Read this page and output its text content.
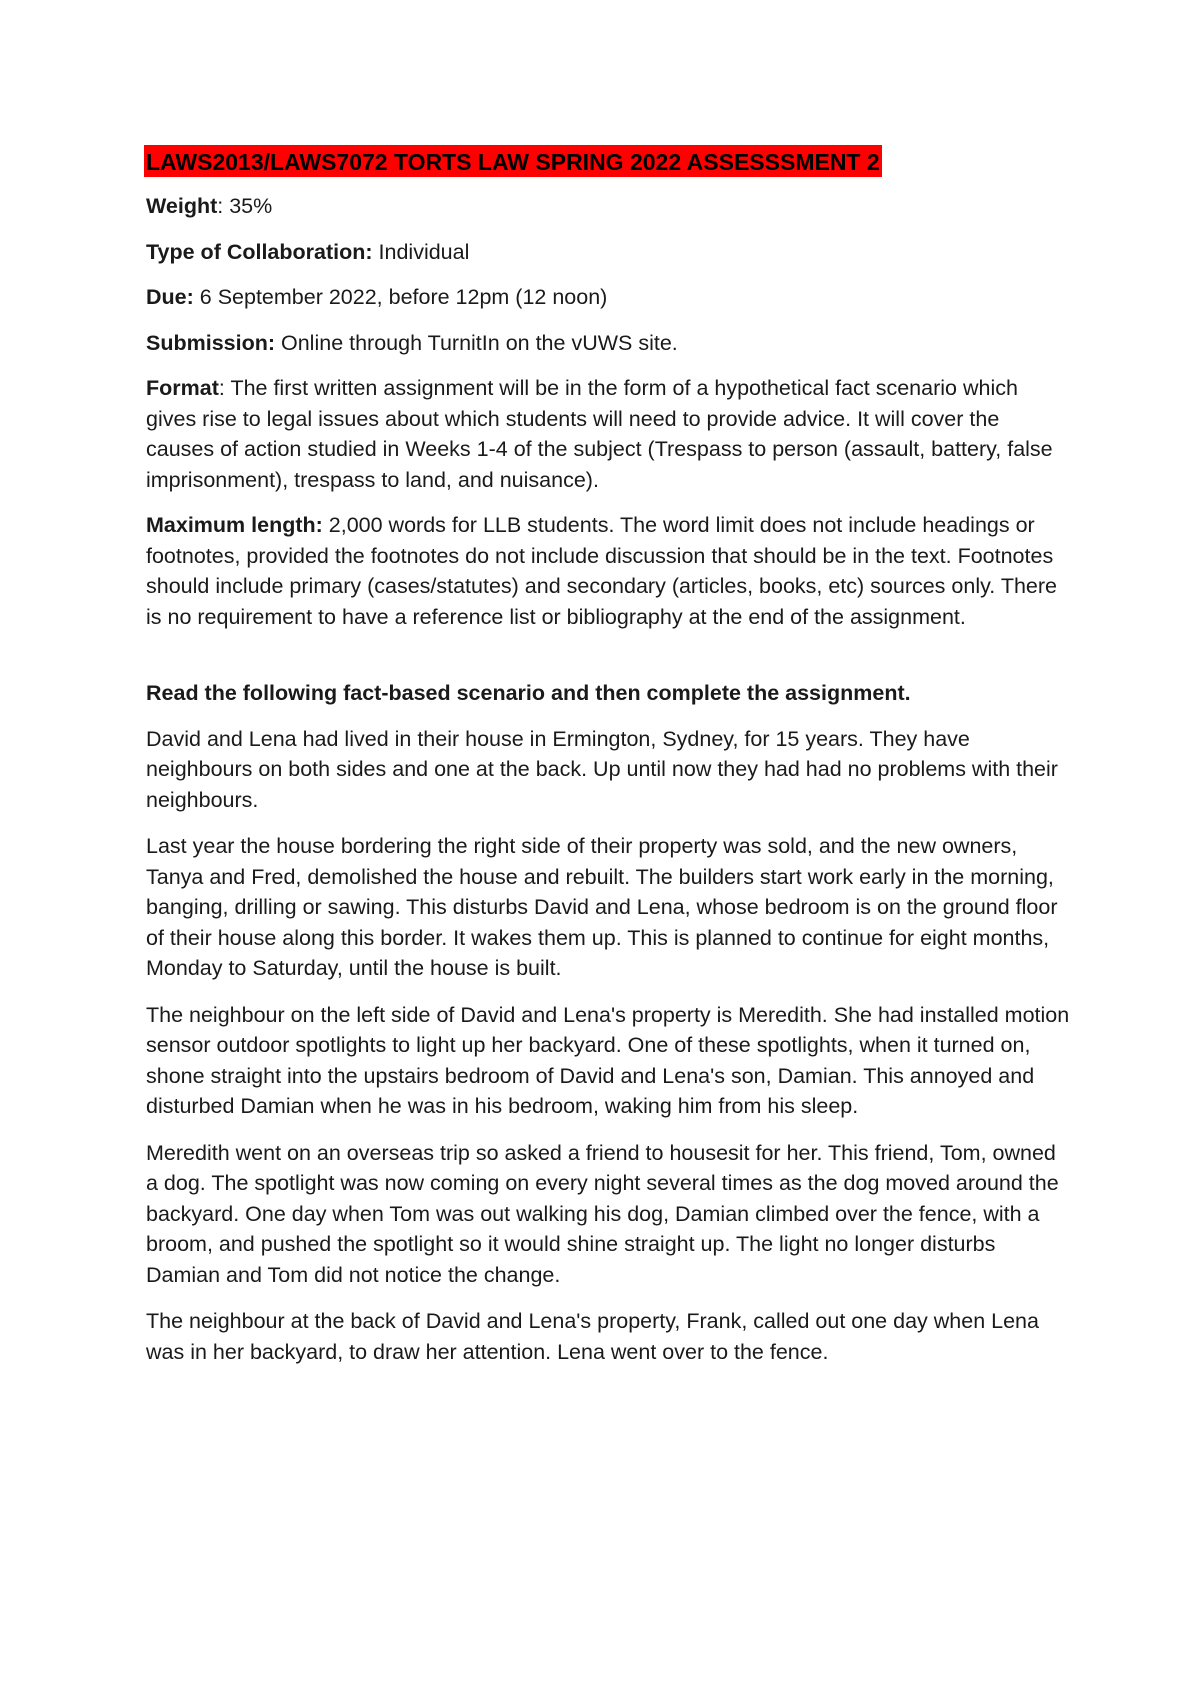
LAWS2013/LAWS7072 TORTS LAW SPRING 2022 ASSESSSMENT 2

Weight: 35%

Type of Collaboration: Individual

Due: 6 September 2022, before 12pm (12 noon)

Submission: Online through TurnitIn on the vUWS site.

Format: The first written assignment will be in the form of a hypothetical fact scenario which gives rise to legal issues about which students will need to provide advice. It will cover the causes of action studied in Weeks 1-4 of the subject (Trespass to person (assault, battery, false imprisonment), trespass to land, and nuisance).

Maximum length: 2,000 words for LLB students. The word limit does not include headings or footnotes, provided the footnotes do not include discussion that should be in the text. Footnotes should include primary (cases/statutes) and secondary (articles, books, etc) sources only. There is no requirement to have a reference list or bibliography at the end of the assignment.

Read the following fact-based scenario and then complete the assignment.

David and Lena had lived in their house in Ermington, Sydney, for 15 years. They have neighbours on both sides and one at the back. Up until now they had had no problems with their neighbours.

Last year the house bordering the right side of their property was sold, and the new owners, Tanya and Fred, demolished the house and rebuilt. The builders start work early in the morning, banging, drilling or sawing. This disturbs David and Lena, whose bedroom is on the ground floor of their house along this border. It wakes them up. This is planned to continue for eight months, Monday to Saturday, until the house is built.

The neighbour on the left side of David and Lena's property is Meredith. She had installed motion sensor outdoor spotlights to light up her backyard. One of these spotlights, when it turned on, shone straight into the upstairs bedroom of David and Lena's son, Damian. This annoyed and disturbed Damian when he was in his bedroom, waking him from his sleep.

Meredith went on an overseas trip so asked a friend to housesit for her. This friend, Tom, owned a dog. The spotlight was now coming on every night several times as the dog moved around the backyard. One day when Tom was out walking his dog, Damian climbed over the fence, with a broom, and pushed the spotlight so it would shine straight up. The light no longer disturbs Damian and Tom did not notice the change.

The neighbour at the back of David and Lena's property, Frank, called out one day when Lena was in her backyard, to draw her attention. Lena went over to the fence.
